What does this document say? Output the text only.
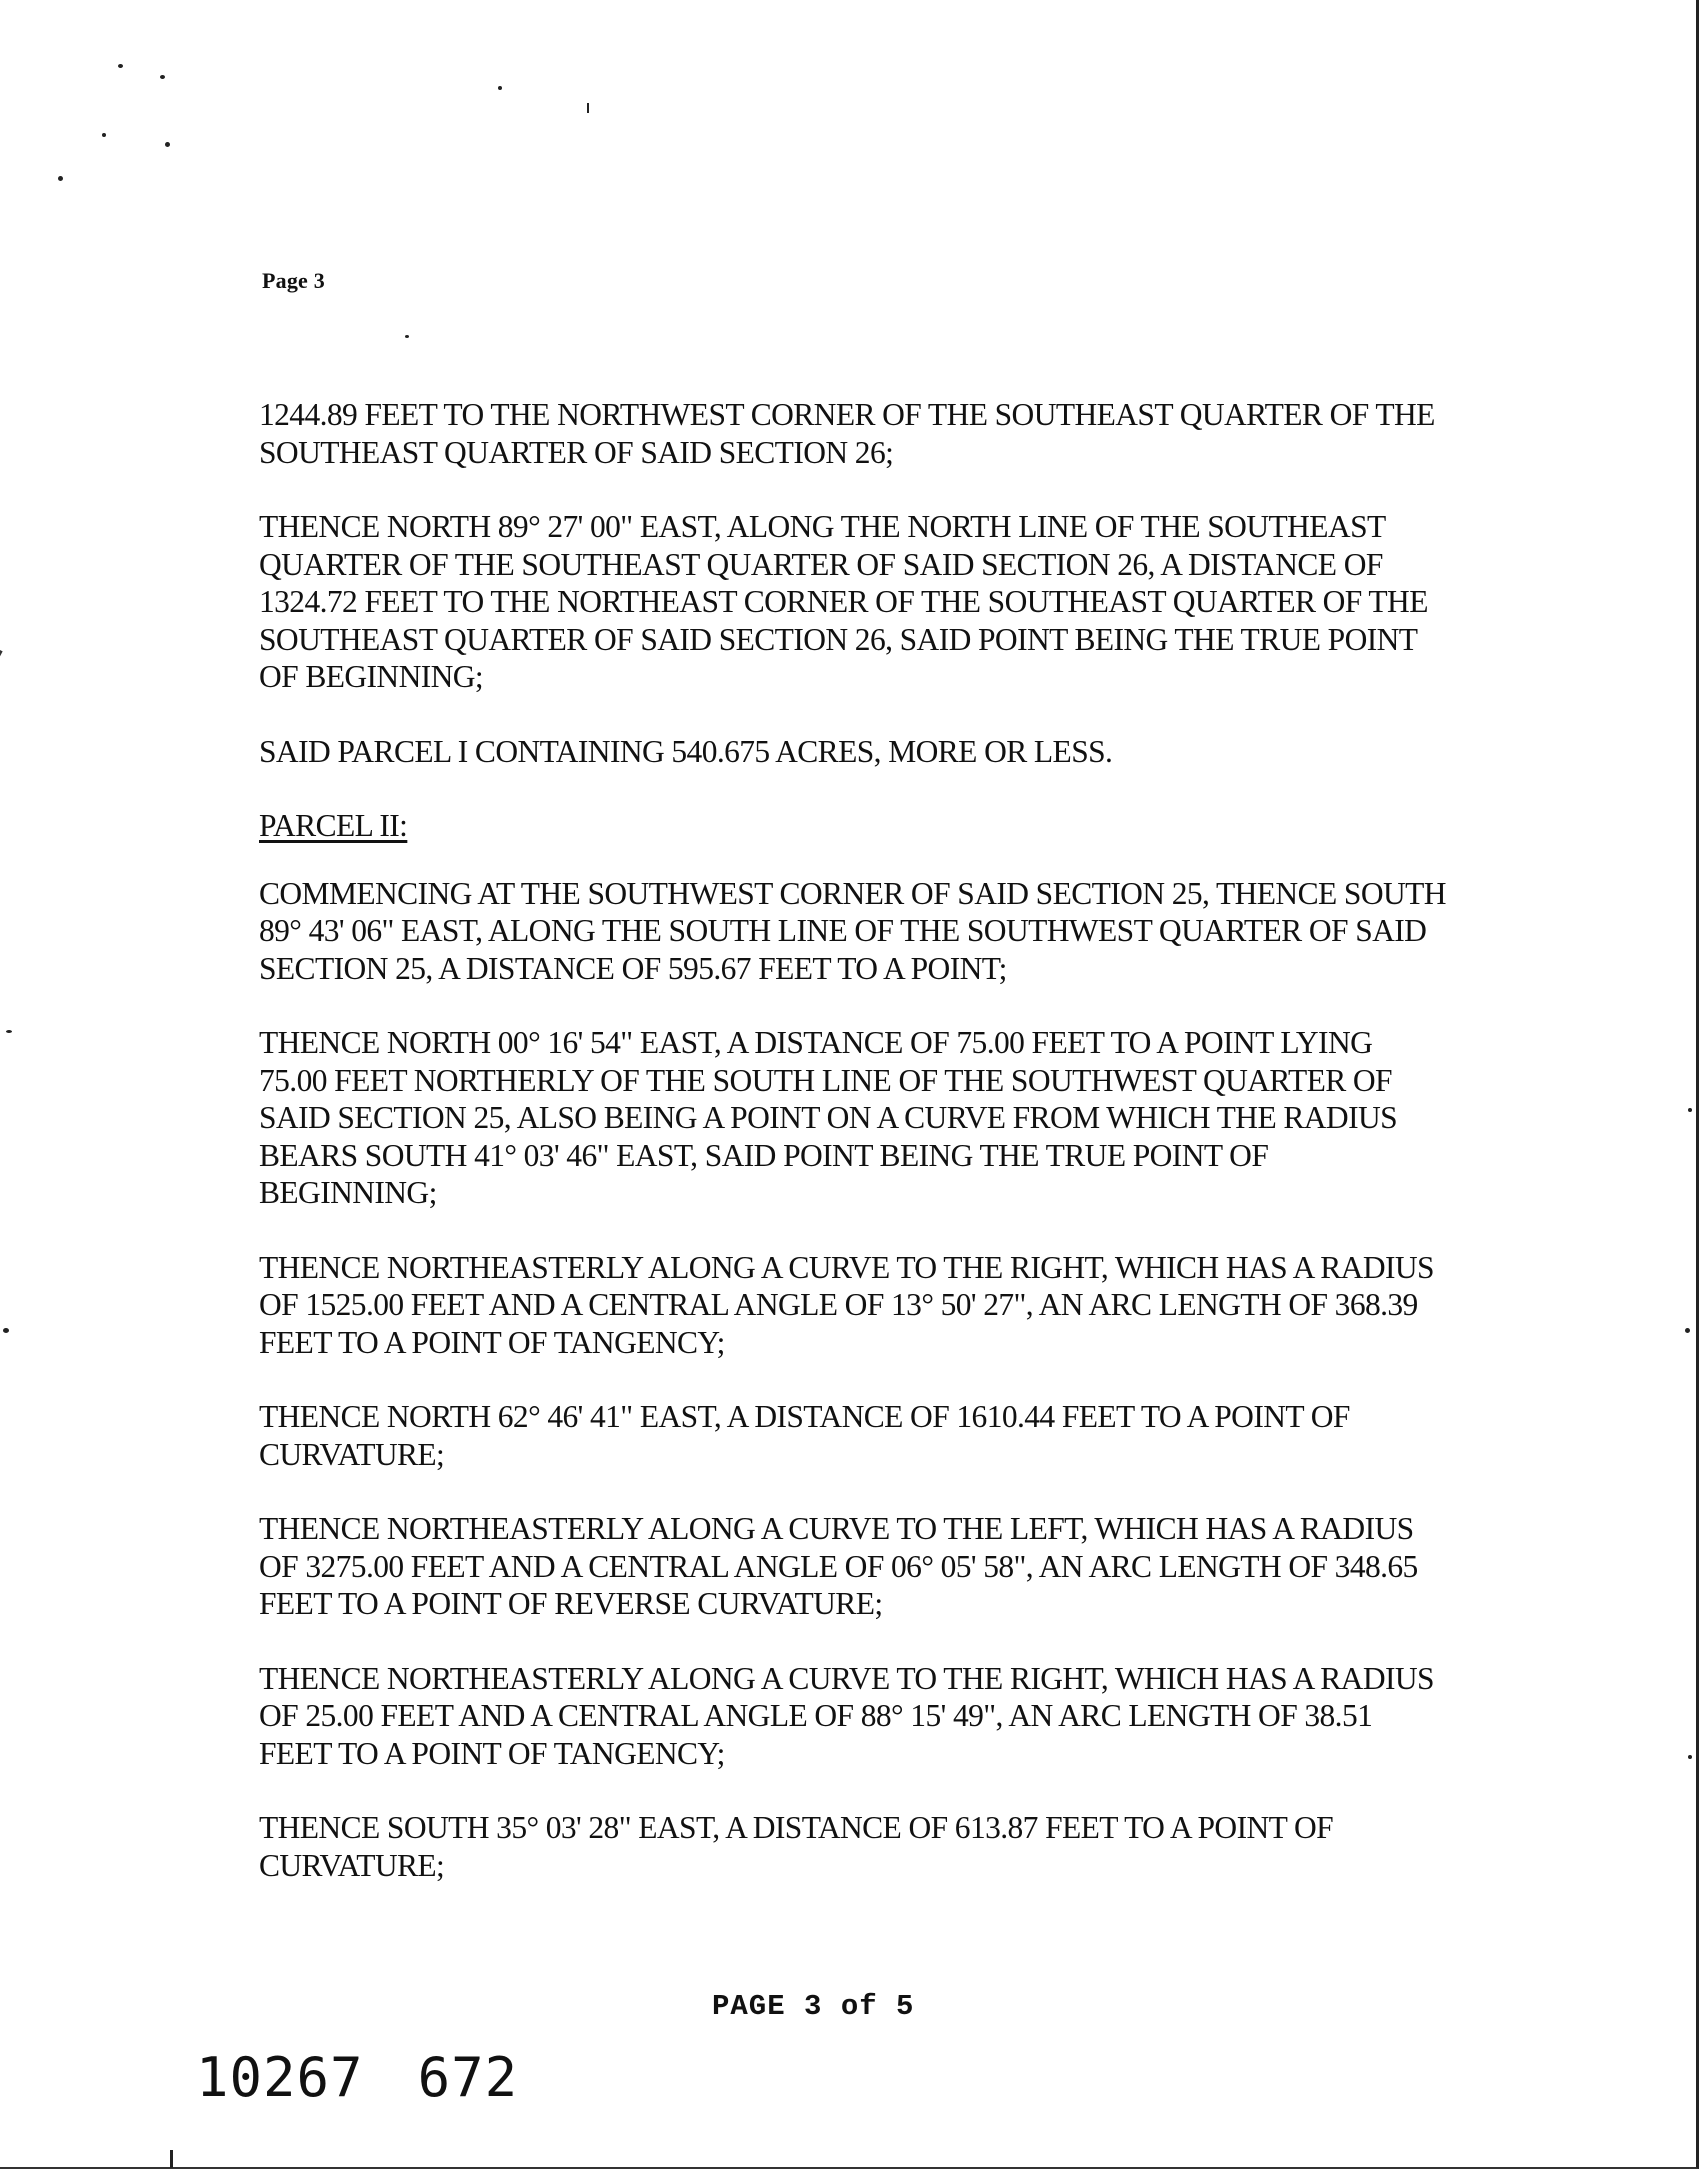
Page 3

1244.89 FEET TO THE NORTHWEST CORNER OF THE SOUTHEAST QUARTER OF THE
SOUTHEAST QUARTER OF SAID SECTION 26;

THENCE NORTH 89° 27' 00" EAST, ALONG THE NORTH LINE OF THE SOUTHEAST
QUARTER OF THE SOUTHEAST QUARTER OF SAID SECTION 26, A DISTANCE OF
1324.72 FEET TO THE NORTHEAST CORNER OF THE SOUTHEAST QUARTER OF THE
SOUTHEAST QUARTER OF SAID SECTION 26, SAID POINT BEING THE TRUE POINT
OF BEGINNING;

SAID PARCEL I CONTAINING 540.675 ACRES, MORE OR LESS.

PARCEL II:

COMMENCING AT THE SOUTHWEST CORNER OF SAID SECTION 25, THENCE SOUTH
89° 43' 06" EAST, ALONG THE SOUTH LINE OF THE SOUTHWEST QUARTER OF SAID
SECTION 25, A DISTANCE OF 595.67 FEET TO A POINT;

THENCE NORTH 00° 16' 54" EAST, A DISTANCE OF 75.00 FEET TO A POINT LYING
75.00 FEET NORTHERLY OF THE SOUTH LINE OF THE SOUTHWEST QUARTER OF
SAID SECTION 25, ALSO BEING A POINT ON A CURVE FROM WHICH THE RADIUS
BEARS SOUTH 41° 03' 46" EAST, SAID POINT BEING THE TRUE POINT OF
BEGINNING;

THENCE NORTHEASTERLY ALONG A CURVE TO THE RIGHT, WHICH HAS A RADIUS
OF 1525.00 FEET AND A CENTRAL ANGLE OF 13° 50' 27", AN ARC LENGTH OF 368.39
FEET TO A POINT OF TANGENCY;

THENCE NORTH 62° 46' 41" EAST, A DISTANCE OF 1610.44 FEET TO A POINT OF
CURVATURE;

THENCE NORTHEASTERLY ALONG A CURVE TO THE LEFT, WHICH HAS A RADIUS
OF 3275.00 FEET AND A CENTRAL ANGLE OF 06° 05' 58", AN ARC LENGTH OF 348.65
FEET TO A POINT OF REVERSE CURVATURE;

THENCE NORTHEASTERLY ALONG A CURVE TO THE RIGHT, WHICH HAS A RADIUS
OF 25.00 FEET AND A CENTRAL ANGLE OF 88° 15' 49", AN ARC LENGTH OF 38.51
FEET TO A POINT OF TANGENCY;

THENCE SOUTH 35° 03' 28" EAST, A DISTANCE OF 613.87 FEET TO A POINT OF
CURVATURE;

PAGE 3 of 5
10267 672
